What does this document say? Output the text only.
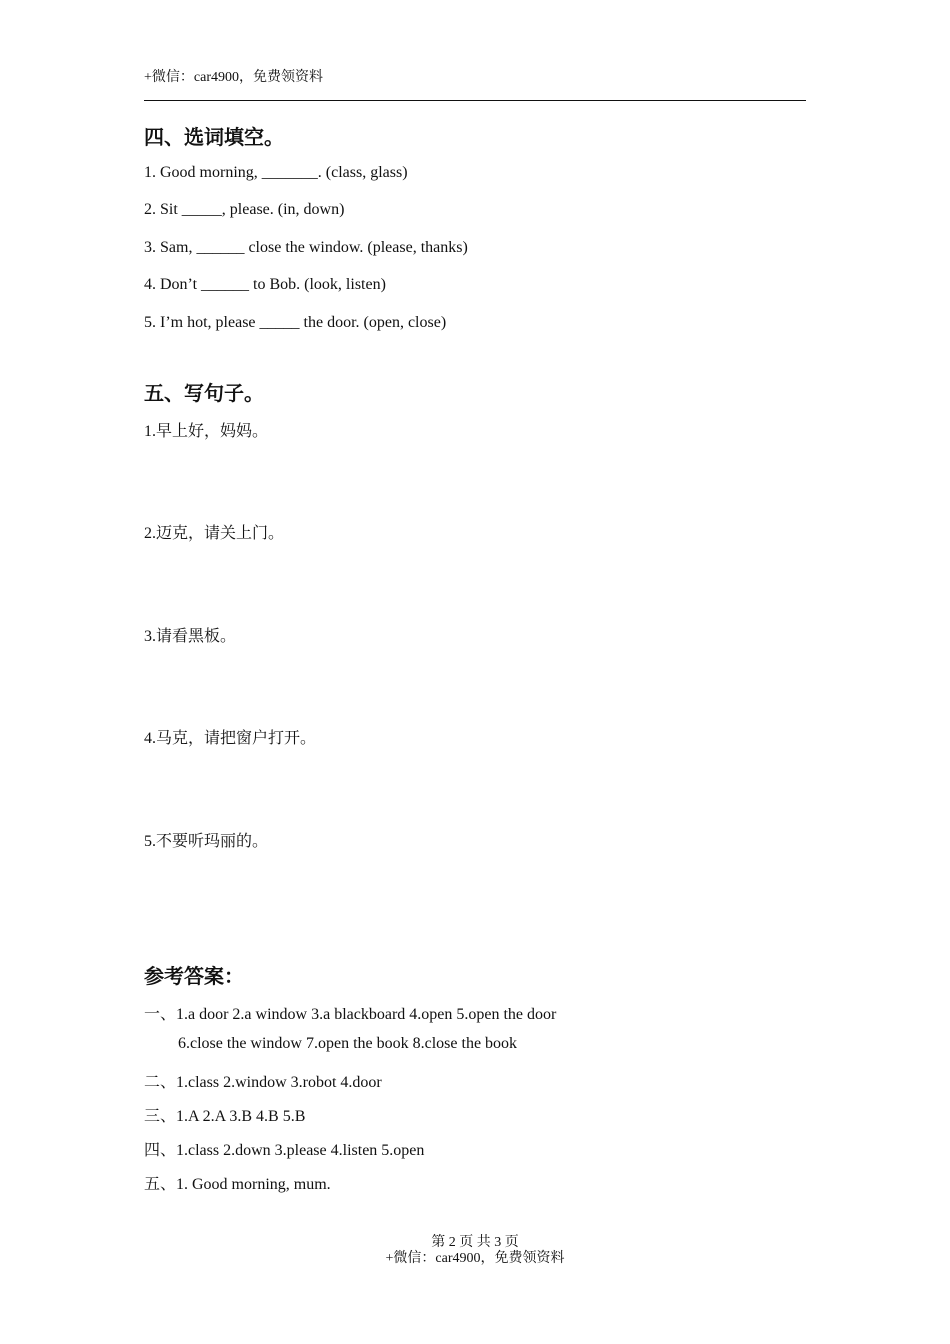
+微信：car4900，免费领资料
四、选词填空。
1. Good morning, _______. (class, glass)
2. Sit _____, please. (in, down)
3. Sam, ______ close the window. (please, thanks)
4. Don’t ______ to Bob. (look, listen)
5. I’m hot, please _____ the door. (open, close)
五、写句子。
1.早上好，妈妈。
2.迈克，请关上门。
3.请看黑板。
4.马克，请把窗户打开。
5.不要听玛丽的。
参考答案：
一、1.a door 2.a window 3.a blackboard 4.open 5.open the door
6.close the window 7.open the book 8.close the book
二、1.class 2.window 3.robot 4.door
三、1.A 2.A 3.B 4.B 5.B
四、1.class 2.down 3.please 4.listen 5.open
五、1. Good morning, mum.
第 2 页 共 3 页
+微信：car4900，免费领资料
